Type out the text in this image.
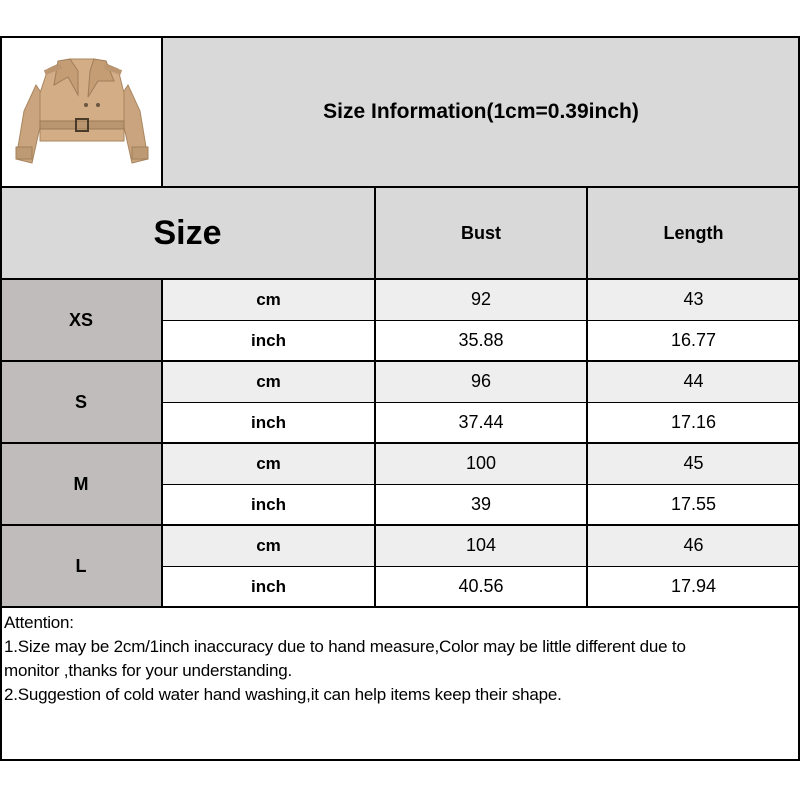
Size Information(1cm=0.39inch)
Size	Bust	Length
XS
cm	92	43
inch	35.88	16.77
S
cm	96	44
inch	37.44	17.16
M
cm	100	45
inch	39	17.55
L
cm	104	46
inch	40.56	17.94
Attention:
1.Size may be 2cm/1inch inaccuracy due to hand measure,Color may be little different due to
monitor ,thanks for your understanding.
2.Suggestion of cold water hand washing,it can help items keep their shape.
